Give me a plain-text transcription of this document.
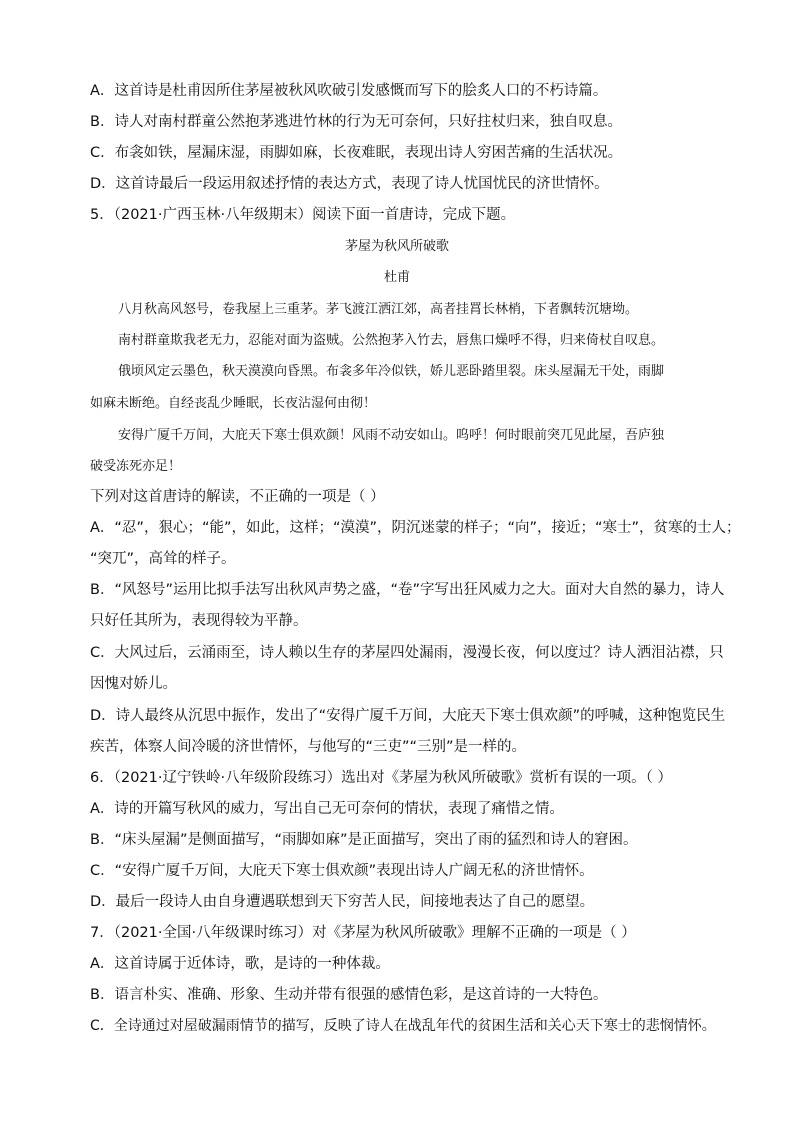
A．这首诗是杜甫因所住茅屋被秋风吹破引发感慨而写下的脍炙人口的不朽诗篇。
B．诗人对南村群童公然抱茅逃进竹林的行为无可奈何，只好拄杖归来，独自叹息。
C．布衾如铁，屋漏床湿，雨脚如麻，长夜难眠，表现出诗人穷困苦痛的生活状况。
D．这首诗最后一段运用叙述抒情的表达方式，表现了诗人忧国忧民的济世情怀。
5．（2021·广西玉林·八年级期末）阅读下面一首唐诗，完成下题。
茅屋为秋风所破歌
杜甫
八月秋高风怒号，卷我屋上三重茅。茅飞渡江洒江郊，高者挂罥长林梢，下者飘转沉塘坳。
南村群童欺我老无力，忍能对面为盗贼。公然抱茅入竹去，唇焦口燥呼不得，归来倚杖自叹息。
俄顷风定云墨色，秋天漠漠向昏黑。布衾多年冷似铁，娇儿恶卧踏里裂。床头屋漏无干处，雨脚
如麻未断绝。自经丧乱少睡眠，长夜沾湿何由彻！
安得广厦千万间，大庇天下寒士俱欢颜！风雨不动安如山。呜呼！何时眼前突兀见此屋，吾庐独
破受冻死亦足！
下列对这首唐诗的解读，不正确的一项是（ ）
A．“忍”，狠心；“能”，如此，这样；“漠漠”，阴沉迷蒙的样子；“向”，接近；“寒士”，贫寒的士人；
“突兀”，高耸的样子。
B．“风怒号”运用比拟手法写出秋风声势之盛，“卷”字写出狂风威力之大。面对大自然的暴力，诗人
只好任其所为，表现得较为平静。
C．大风过后，云涌雨至，诗人赖以生存的茅屋四处漏雨，漫漫长夜，何以度过？诗人洒泪沾襟，只
因愧对娇儿。
D．诗人最终从沉思中振作，发出了“安得广厦千万间，大庇天下寒士俱欢颜”的呼喊，这种饱览民生
疾苦，体察人间冷暖的济世情怀，与他写的“三吏”“三别”是一样的。
6．（2021·辽宁铁岭·八年级阶段练习）选出对《茅屋为秋风所破歌》赏析有误的一项。（ ）
A．诗的开篇写秋风的威力，写出自己无可奈何的情状，表现了痛惜之情。
B．“床头屋漏”是侧面描写，“雨脚如麻”是正面描写，突出了雨的猛烈和诗人的窘困。
C．“安得广厦千万间，大庇天下寒士俱欢颜”表现出诗人广阔无私的济世情怀。
D．最后一段诗人由自身遭遇联想到天下穷苦人民，间接地表达了自己的愿望。
7．（2021·全国·八年级课时练习）对《茅屋为秋风所破歌》理解不正确的一项是（ ）
A．这首诗属于近体诗，歌，是诗的一种体裁。
B．语言朴实、准确、形象、生动并带有很强的感情色彩，是这首诗的一大特色。
C．全诗通过对屋破漏雨情节的描写，反映了诗人在战乱年代的贫困生活和关心天下寒士的悲悯情怀。
